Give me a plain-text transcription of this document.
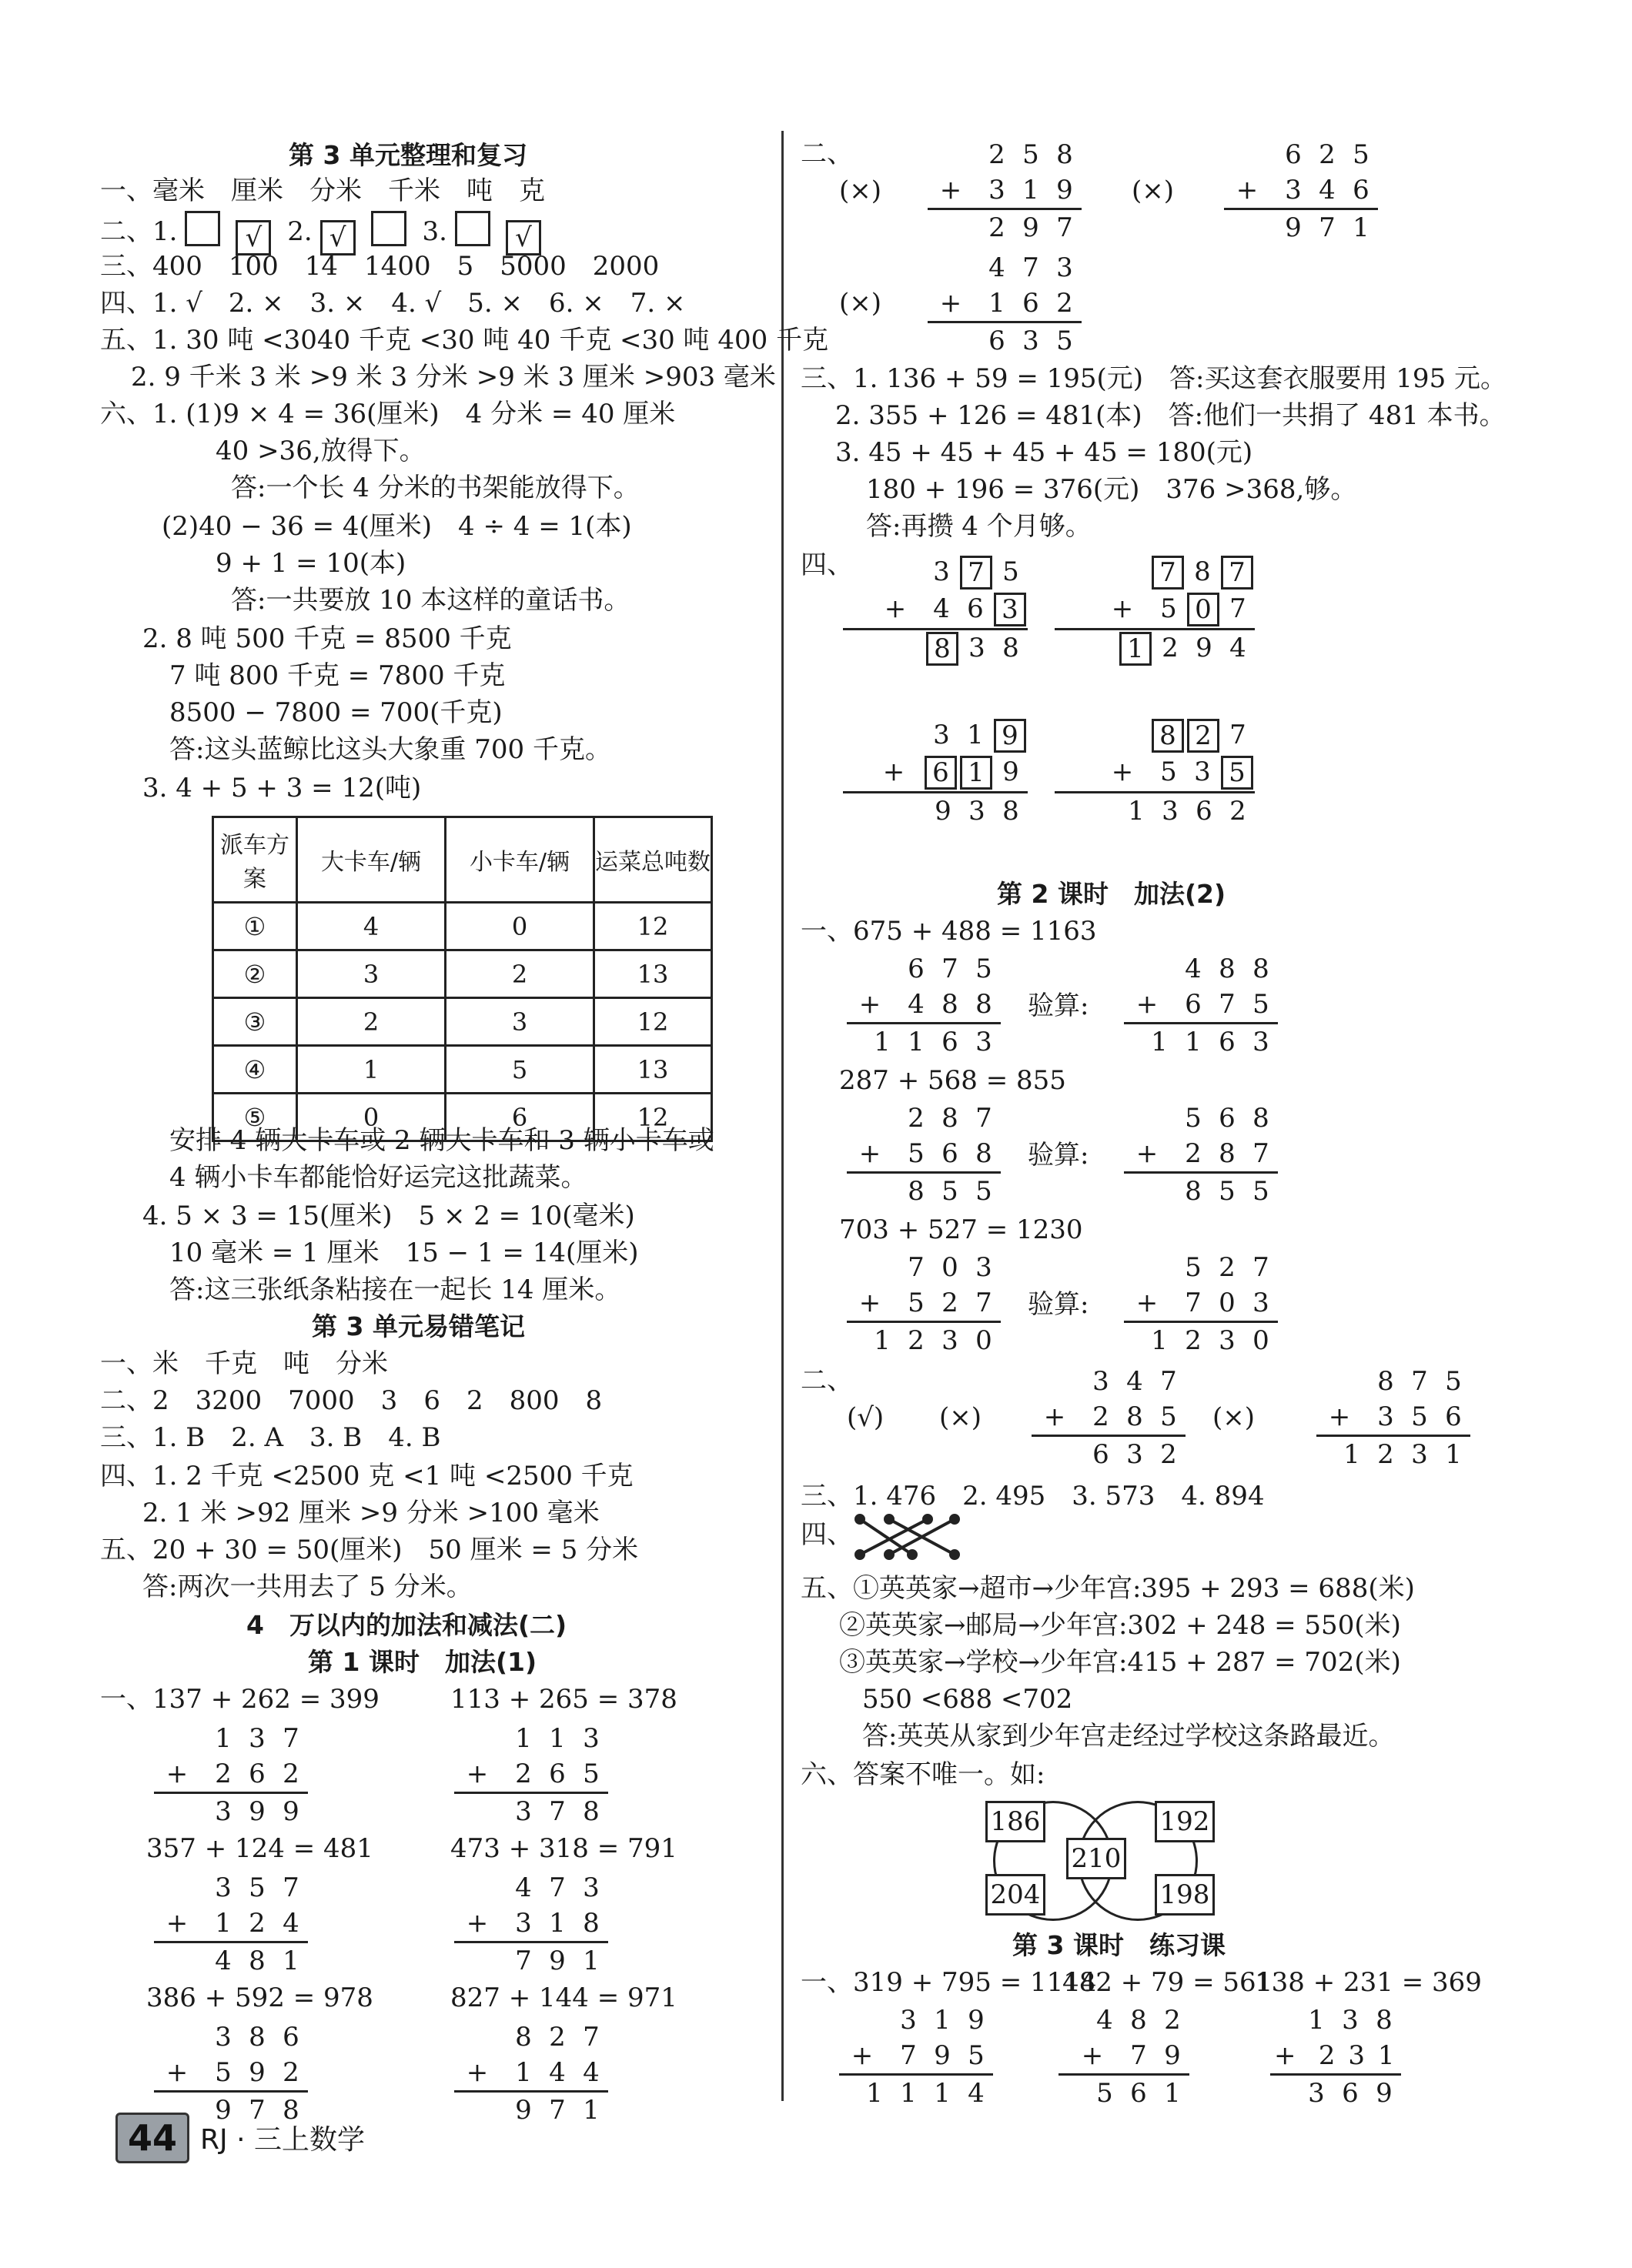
第 3 单元整理和复习
一、毫米　厘米　分米　千米　吨　克
二、1.	√ 2. √	3.	√
三、400　100　14　1400　5　5000　2000
四、1. √　2. ×　3. ×　4. √　5. ×　6. ×　7. ×
五、1. 30 吨 <3040 千克 <30 吨 40 千克 <30 吨 400 千克
2. 9 千米 3 米 >9 米 3 分米 >9 米 3 厘米 >903 毫米
六、1. (1)9 × 4 = 36(厘米)　4 分米 = 40 厘米
40 >36,放得下。
答:一个长 4 分米的书架能放得下。
(2)40 − 36 = 4(厘米)　4 ÷ 4 = 1(本)
9 + 1 = 10(本)
答:一共要放 10 本这样的童话书。
2. 8 吨 500 千克 = 8500 千克
7 吨 800 千克 = 7800 千克
8500 − 7800 = 700(千克)
答:这头蓝鲸比这头大象重 700 千克。
3. 4 + 5 + 3 = 12(吨)
派车方案	大卡车/辆	小卡车/辆	运菜总吨数
①	4	0	12
②	3	2	13
③	2	3	12
④	1	5	13
⑤	0	6	12
安排 4 辆大卡车或 2 辆大卡车和 3 辆小卡车或
4 辆小卡车都能恰好运完这批蔬菜。
4. 5 × 3 = 15(厘米)　5 × 2 = 10(毫米)
10 毫米 = 1 厘米　15 − 1 = 14(厘米)
答:这三张纸条粘接在一起长 14 厘米。
第 3 单元易错笔记
一、米　千克　吨　分米
二、2　3200　7000　3　6　2　800　8
三、1. B　2. A　3. B　4. B
四、1. 2 千克 <2500 克 <1 吨 <2500 千克
2. 1 米 >92 厘米 >9 分米 >100 毫米
五、20 + 30 = 50(厘米)　50 厘米 = 5 分米
答:两次一共用去了 5 分米。
4　万以内的加法和减法(二)
第 1 课时　加法(1)
一、137 + 262 = 399	113 + 265 = 378
1 3 7
+	2 6 2
3 9 9
1 1 3
+	2 6 5
3 7 8
357 + 124 = 481	473 + 318 = 791
3 5 7
+	1 2 4
4 8 1
4 7 3
+	3 1 8
7 9 1
386 + 592 = 978	827 + 144 = 971
3 8 6
+	5 9 2
9 7 8
8 2 7
+	1 4 4
9 7 1
二、
(×)
2 5 8
+	3 1 9
2 9 7
(×)
6 2 5
+	3 4 6
9 7 1
(×)
4 7 3
+	1 6 2
6 3 5
三、1. 136 + 59 = 195(元)　答:买这套衣服要用 195 元。
2. 355 + 126 = 481(本)　答:他们一共捐了 481 本书。
3. 45 + 45 + 45 + 45 = 180(元)
180 + 196 = 376(元)　376 >368,够。
答:再攒 4 个月够。
四、	3 7 5
+	4 6 3
8 3 8
7 8 7
+	5 0 7
1 2 9 4
3 1 9
+ 6 1 9
9 3 8
8 2 7
+	5 3 5
1 3 6 2
第 2 课时　加法(2)
一、675 + 488 = 1163
6 7 5
+	4 8 8
1 1 6 3
验算:
4 8 8
+	6 7 5
1 1 6 3
287 + 568 = 855
2 8 7
+	5 6 8
8 5 5
验算:
5 6 8
+	2 8 7
8 5 5
703 + 527 = 1230
7 0 3
+	5 2 7
1 2 3 0
验算:
5 2 7
+	7 0 3
1 2 3 0
二、
(√) (×)
3 4 7
+	2 8 5
6 3 2
(×)
8 7 5
+	3 5 6
1 2 3 1
三、1. 476　2. 495　3. 573　4. 894
四、
五、①英英家→超市→少年宫:395 + 293 = 688(米)
②英英家→邮局→少年宫:302 + 248 = 550(米)
③英英家→学校→少年宫:415 + 287 = 702(米)
550 <688 <702
答:英英从家到少年宫走经过学校这条路最近。
六、答案不唯一。如:
186	192
210
204	198
第 3 课时　练习课
一、319 + 795 = 1114
482 + 79 = 561
138 + 231 = 369
3 1 9
+	7 9 5
1 1 1 4
4 8 2
+	7 9
5 6 1
1 3 8
+ 2 3 1
3 6 9
44 RJ · 三上数学
